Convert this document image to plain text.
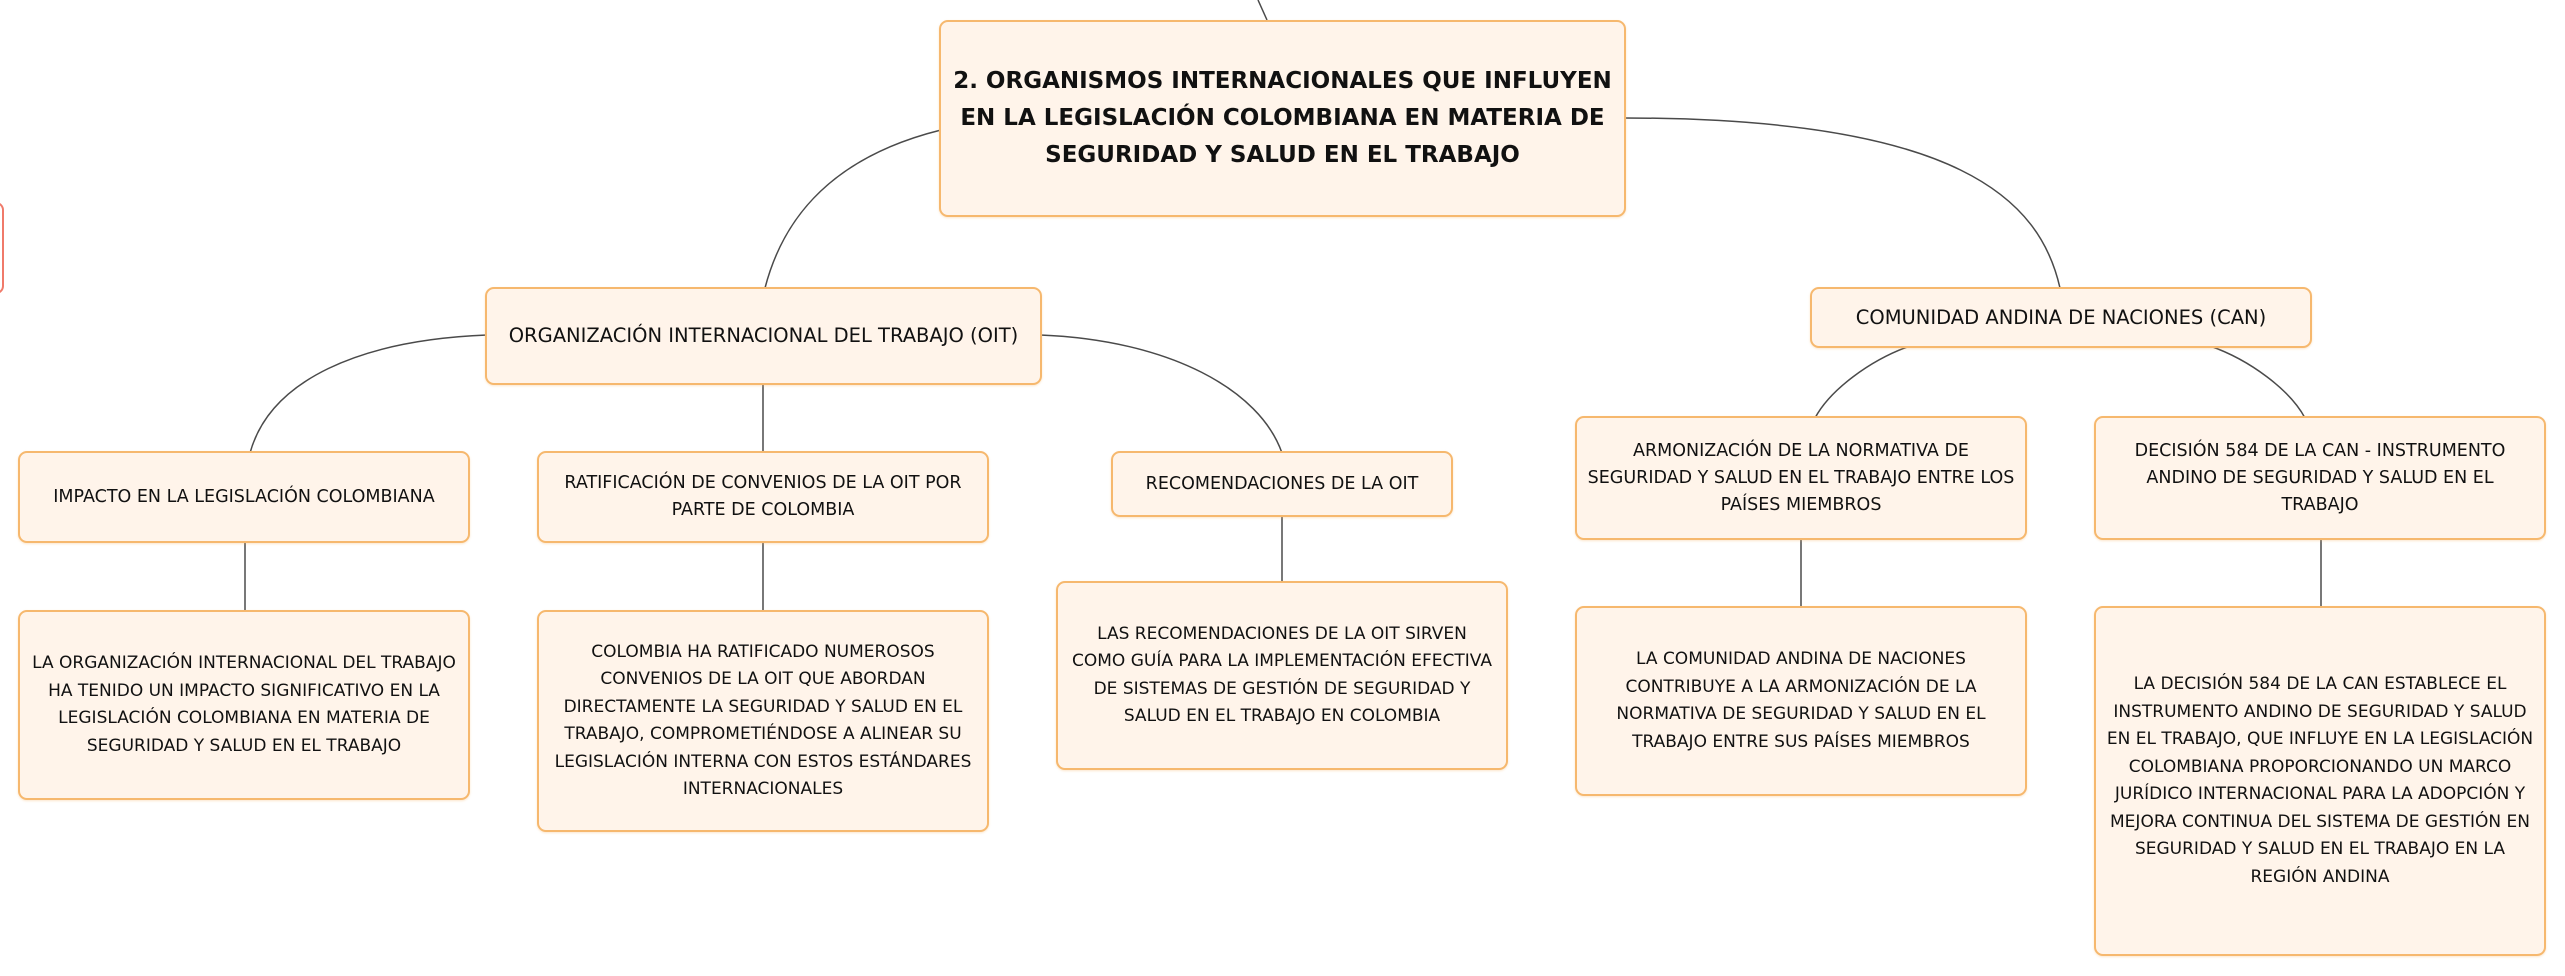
2. ORGANISMOS INTERNACIONALES QUE INFLUYEN EN LA LEGISLACIÓN COLOMBIANA EN MATERIA DE SEGURIDAD Y SALUD EN EL TRABAJO
ORGANIZACIÓN INTERNACIONAL DEL TRABAJO (OIT)
COMUNIDAD ANDINA DE NACIONES (CAN)
IMPACTO EN LA LEGISLACIÓN COLOMBIANA
RATIFICACIÓN DE CONVENIOS DE LA OIT POR PARTE DE COLOMBIA
RECOMENDACIONES DE LA OIT
ARMONIZACIÓN DE LA NORMATIVA DE SEGURIDAD Y SALUD EN EL TRABAJO ENTRE LOS PAÍSES MIEMBROS
DECISIÓN 584 DE LA CAN - INSTRUMENTO ANDINO DE SEGURIDAD Y SALUD EN EL TRABAJO
LA ORGANIZACIÓN INTERNACIONAL DEL TRABAJO HA TENIDO UN IMPACTO SIGNIFICATIVO EN LA LEGISLACIÓN COLOMBIANA EN MATERIA DE SEGURIDAD Y SALUD EN EL TRABAJO
COLOMBIA HA RATIFICADO NUMEROSOS CONVENIOS DE LA OIT QUE ABORDAN DIRECTAMENTE LA SEGURIDAD Y SALUD EN EL TRABAJO, COMPROMETIÉNDOSE A ALINEAR SU LEGISLACIÓN INTERNA CON ESTOS ESTÁNDARES INTERNACIONALES
LAS RECOMENDACIONES DE LA OIT SIRVEN COMO GUÍA PARA LA IMPLEMENTACIÓN EFECTIVA DE SISTEMAS DE GESTIÓN DE SEGURIDAD Y SALUD EN EL TRABAJO EN COLOMBIA
LA COMUNIDAD ANDINA DE NACIONES CONTRIBUYE A LA ARMONIZACIÓN DE LA NORMATIVA DE SEGURIDAD Y SALUD EN EL TRABAJO ENTRE SUS PAÍSES MIEMBROS
LA DECISIÓN 584 DE LA CAN ESTABLECE EL INSTRUMENTO ANDINO DE SEGURIDAD Y SALUD EN EL TRABAJO, QUE INFLUYE EN LA LEGISLACIÓN COLOMBIANA PROPORCIONANDO UN MARCO JURÍDICO INTERNACIONAL PARA LA ADOPCIÓN Y MEJORA CONTINUA DEL SISTEMA DE GESTIÓN EN SEGURIDAD Y SALUD EN EL TRABAJO EN LA REGIÓN ANDINA
